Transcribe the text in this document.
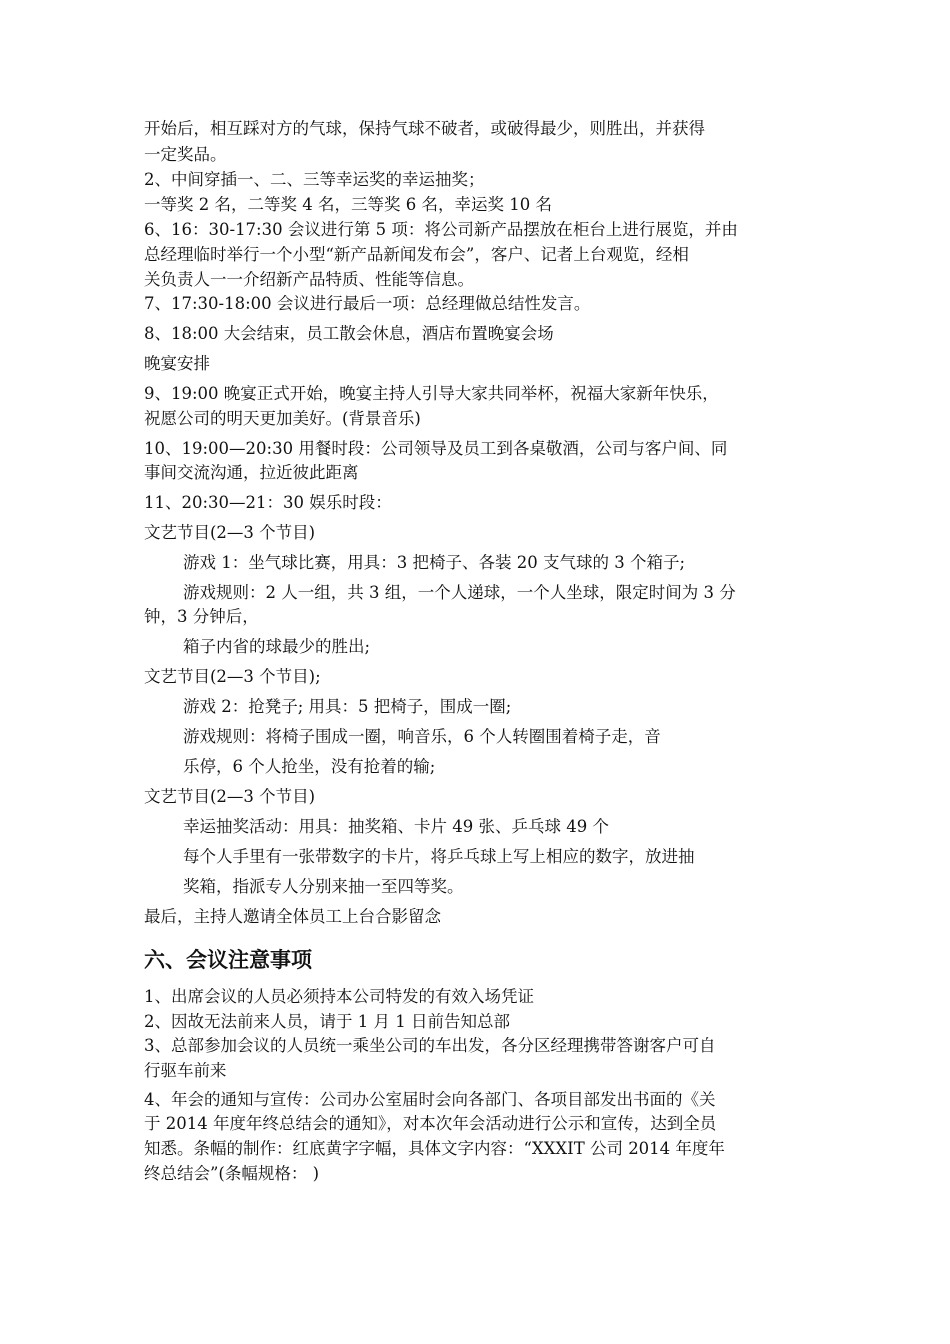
开始后，相互踩对方的气球，保持气球不破者，或破得最少，则胜出，并获得
一定奖品。
2、中间穿插一、二、三等幸运奖的幸运抽奖；
一等奖 2 名，二等奖 4 名，三等奖 6 名，幸运奖 10 名
6、16：30-17:30 会议进行第 5 项：将公司新产品摆放在柜台上进行展览，并由
总经理临时举行一个小型“新产品新闻发布会”，客户、记者上台观览，经相
关负责人一一介绍新产品特质、性能等信息。
7、17:30-18:00 会议进行最后一项：总经理做总结性发言。
8、18:00 大会结束，员工散会休息，酒店布置晚宴会场
晚宴安排
9、19:00 晚宴正式开始，晚宴主持人引导大家共同举杯，祝福大家新年快乐，
祝愿公司的明天更加美好。(背景音乐)
10、19:00—20:30 用餐时段：公司领导及员工到各桌敬酒，公司与客户间、同
事间交流沟通，拉近彼此距离
11、20:30—21：30 娱乐时段：
文艺节目(2—3 个节目)
游戏 1：坐气球比赛，用具：3 把椅子、各装 20 支气球的 3 个箱子;
游戏规则：2 人一组，共 3 组，一个人递球，一个人坐球，限定时间为 3 分
钟，3 分钟后，
箱子内省的球最少的胜出;
文艺节目(2—3 个节目);
游戏 2：抢凳子; 用具：5 把椅子，围成一圈;
游戏规则：将椅子围成一圈，响音乐，6 个人转圈围着椅子走，音
乐停，6 个人抢坐，没有抢着的输;
文艺节目(2—3 个节目)
幸运抽奖活动：用具：抽奖箱、卡片 49 张、乒乓球 49 个
每个人手里有一张带数字的卡片，将乒乓球上写上相应的数字，放进抽
奖箱，指派专人分别来抽一至四等奖。
最后，主持人邀请全体员工上台合影留念
六、会议注意事项
1、出席会议的人员必须持本公司特发的有效入场凭证
2、因故无法前来人员，请于 1 月 1 日前告知总部
3、总部参加会议的人员统一乘坐公司的车出发，各分区经理携带答谢客户可自
行驱车前来
4、年会的通知与宣传：公司办公室届时会向各部门、各项目部发出书面的《关
于 2014 年度年终总结会的通知》，对本次年会活动进行公示和宣传，达到全员
知悉。条幅的制作：红底黄字字幅，具体文字内容：“XXXIT 公司 2014 年度年
终总结会”(条幅规格： )
